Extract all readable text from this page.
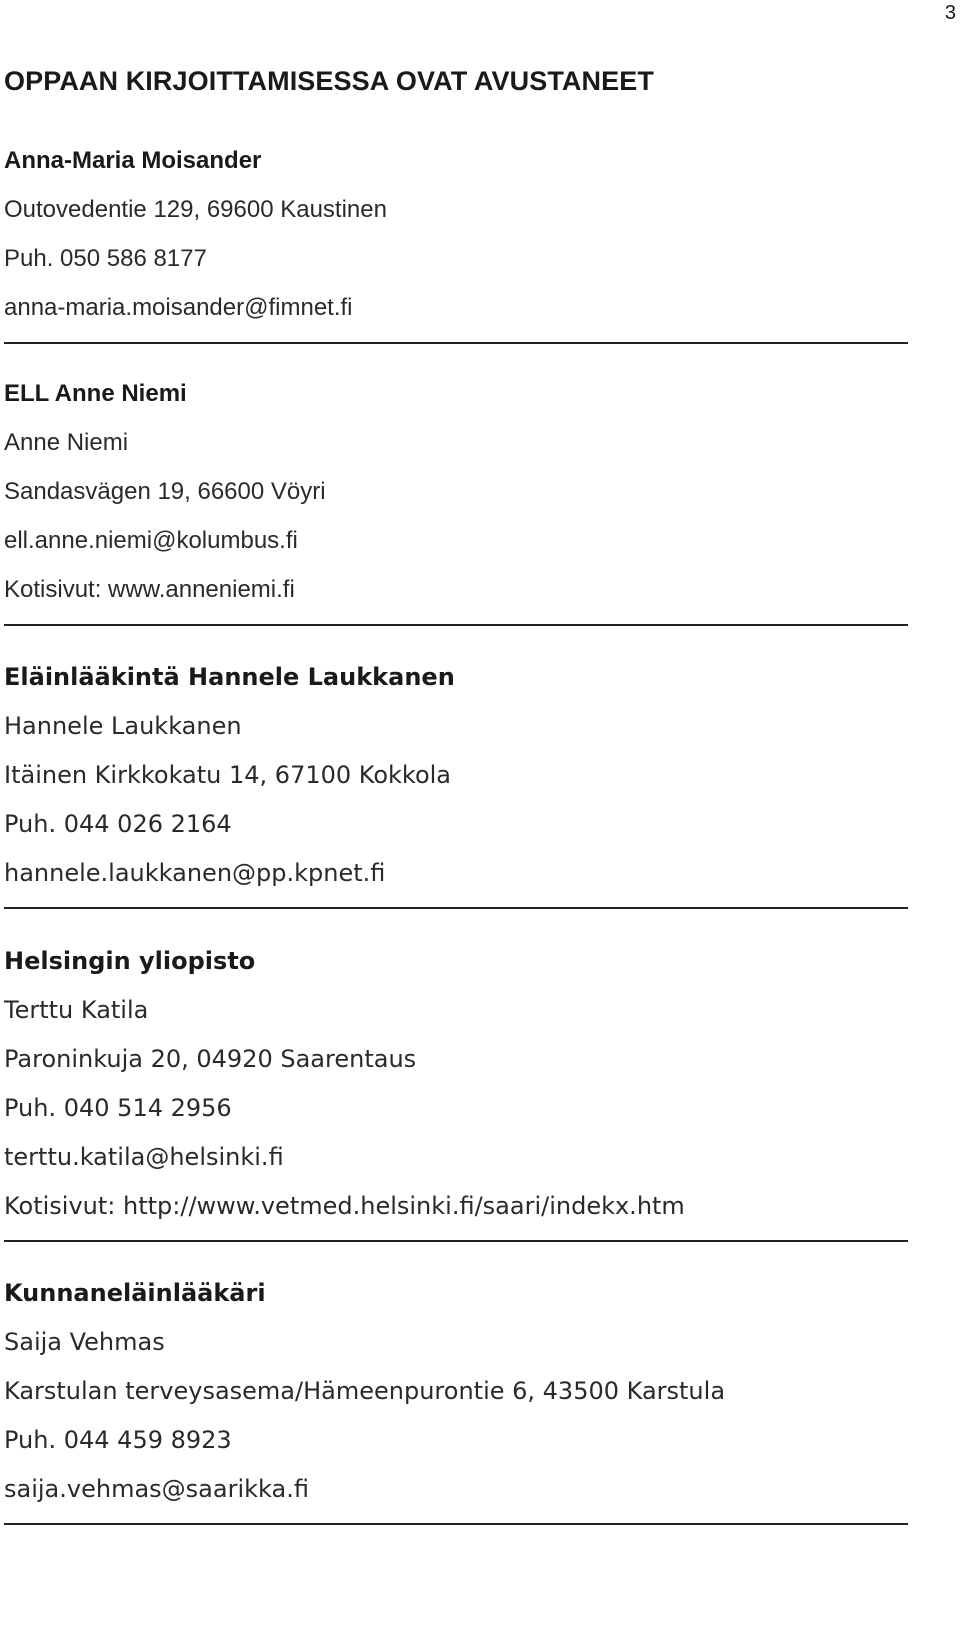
3
OPPAAN KIRJOITTAMISESSA OVAT AVUSTANEET
Anna-Maria Moisander
Outovedentie 129, 69600 Kaustinen
Puh. 050 586 8177
anna-maria.moisander@fimnet.fi
ELL Anne Niemi
Anne Niemi
Sandasvägen 19, 66600 Vöyri
ell.anne.niemi@kolumbus.fi
Kotisivut: www.anneniemi.fi
Eläinlääkintä Hannele Laukkanen
Hannele Laukkanen
Itäinen Kirkkokatu 14, 67100 Kokkola
Puh. 044 026 2164
hannele.laukkanen@pp.kpnet.fi
Helsingin yliopisto
Terttu Katila
Paroninkuja 20, 04920 Saarentaus
Puh. 040 514 2956
terttu.katila@helsinki.fi
Kotisivut: http://www.vetmed.helsinki.fi/saari/indekx.htm
Kunnaneläinlääkäri
Saija Vehmas
Karstulan terveysasema/Hämeenpurontie 6, 43500 Karstula
Puh. 044 459 8923
saija.vehmas@saarikka.fi
